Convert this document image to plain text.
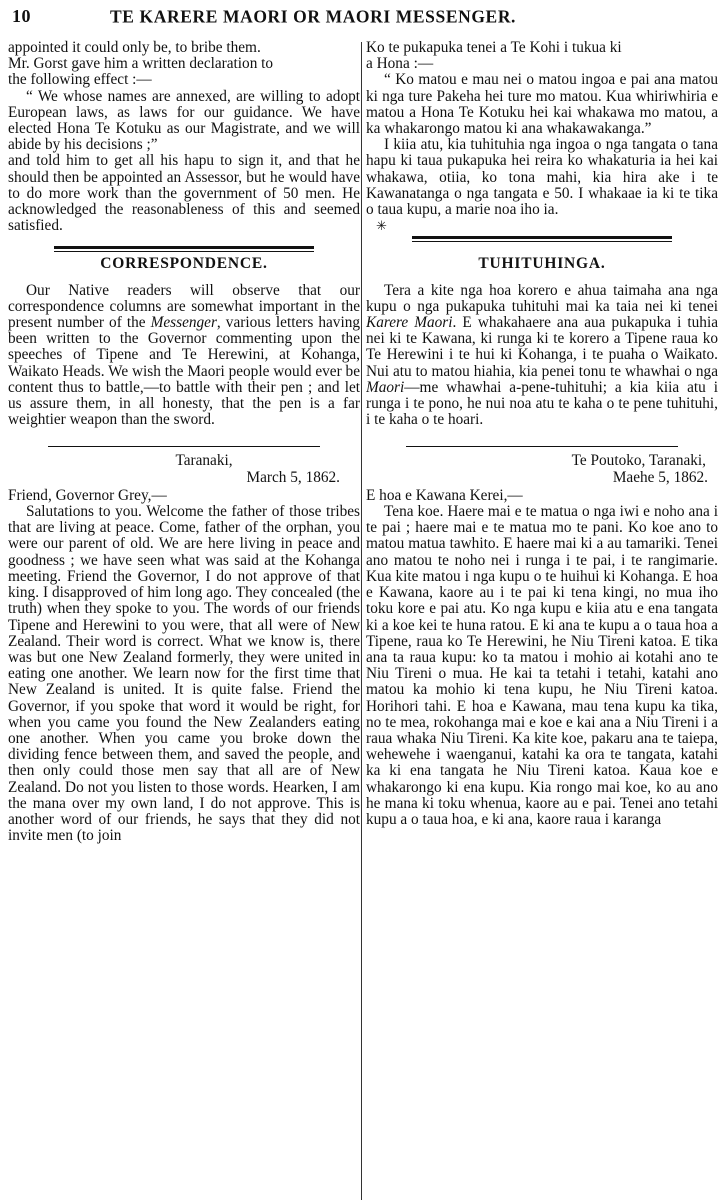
10	TE KARERE MAORI OR MAORI MESSENGER.

appointed it could only be, to bribe them.

Mr. Gorst gave him a written declaration to

the following effect :—

“ We whose names are annexed, are willing to adopt European laws, as laws for our guidance. We have elected Hona Te Kotuku as our Magistrate, and we will abide by his decisions ;”

and told him to get all his hapu to sign it, and that he should then be appointed an Assessor, but he would have to do more work than the government of 50 men. He acknowledged the reasonableness of this and seemed satisfied.

CORRESPONDENCE.

Our Native readers will observe that our correspondence columns are somewhat important in the present number of the Messenger, various letters having been written to the Governor commenting upon the speeches of Tipene and Te Herewini, at Kohanga, Waikato Heads. We wish the Maori people would ever be content thus to battle,—to battle with their pen ; and let us assure them, in all honesty, that the pen is a far weightier weapon than the sword.

Taranaki,
March 5, 1862.

Friend, Governor Grey,—

Salutations to you. Welcome the father of those tribes that are living at peace. Come, father of the orphan, you were our parent of old. We are here living in peace and goodness ; we have seen what was said at the Kohanga meeting. Friend the Governor, I do not approve of that king. I disapproved of him long ago. They concealed (the truth) when they spoke to you. The words of our friends Tipene and Herewini to you were, that all were of New Zealand. Their word is correct. What we know is, there was but one New Zealand formerly, they were united in eating one another. We learn now for the first time that New Zealand is united. It is quite false. Friend the Governor, if you spoke that word it would be right, for when you came you found the New Zealanders eating one another. When you came you broke down the dividing fence between them, and saved the people, and then only could those men say that all are of New Zealand. Do not you listen to those words. Hearken, I am the mana over my own land, I do not approve. This is another word of our friends, he says that they did not invite men (to join

Ko te pukapuka tenei a Te Kohi i tukua ki

a Hona :—

“ Ko matou e mau nei o matou ingoa e pai ana matou ki nga ture Pakeha hei ture mo matou. Kua whiriwhiria e matou a Hona Te Kotuku hei kai whakawa mo matou, a ka whakarongo matou ki ana whakawakanga.”

I kiia atu, kia tuhituhia nga ingoa o nga tangata o tana hapu ki taua pukapuka hei reira ko whakaturia ia hei kai whakawa, otiia, ko tona mahi, kia hira ake i te Kawanatanga o nga tangata e 50. I whakaae ia ki te tika o taua kupu, a marie noa iho ia.

✳
TUHITUHINGA.

Tera a kite nga hoa korero e ahua taimaha ana nga kupu o nga pukapuka tuhituhi mai ka taia nei ki tenei Karere Maori. E whakahaere ana aua pukapuka i tuhia nei ki te Kawana, ki runga ki te korero a Tipene raua ko Te Herewini i te hui ki Kohanga, i te puaha o Waikato. Nui atu to matou hiahia, kia penei tonu te whawhai o nga Maori—me whawhai a-pene-tuhituhi; a kia kiia atu i runga i te pono, he nui noa atu te kaha o te pene tuhituhi, i te kaha o te hoari.

Te Poutoko, Taranaki,
Maehe 5, 1862.

E hoa e Kawana Kerei,—

Tena koe. Haere mai e te matua o nga iwi e noho ana i te pai ; haere mai e te matua mo te pani. Ko koe ano to matou matua tawhito. E haere mai ki a au tamariki. Tenei ano matou te noho nei i runga i te pai, i te rangimarie. Kua kite matou i nga kupu o te huihui ki Kohanga. E hoa e Kawana, kaore au i te pai ki tena kingi, no mua iho toku kore e pai atu. Ko nga kupu e kiia atu e ena tangata ki a koe kei te huna ratou. E ki ana te kupu a o taua hoa a Tipene, raua ko Te Herewini, he Niu Tireni katoa. E tika ana ta raua kupu: ko ta matou i mohio ai kotahi ano te Niu Tireni o mua. He kai ta tetahi i tetahi, katahi ano matou ka mohio ki tena kupu, he Niu Tireni katoa. Horihori tahi. E hoa e Kawana, mau tena kupu ka tika, no te mea, rokohanga mai e koe e kai ana a Niu Tireni i a raua whaka Niu Tireni. Ka kite koe, pakaru ana te taiepa, wehewehe i waenganui, katahi ka ora te tangata, katahi ka ki ena tangata he Niu Tireni katoa. Kaua koe e whakarongo ki ena kupu. Kia rongo mai koe, ko au ano he mana ki toku whenua, kaore au e pai. Tenei ano tetahi kupu a o taua hoa, e ki ana, kaore raua i karanga
